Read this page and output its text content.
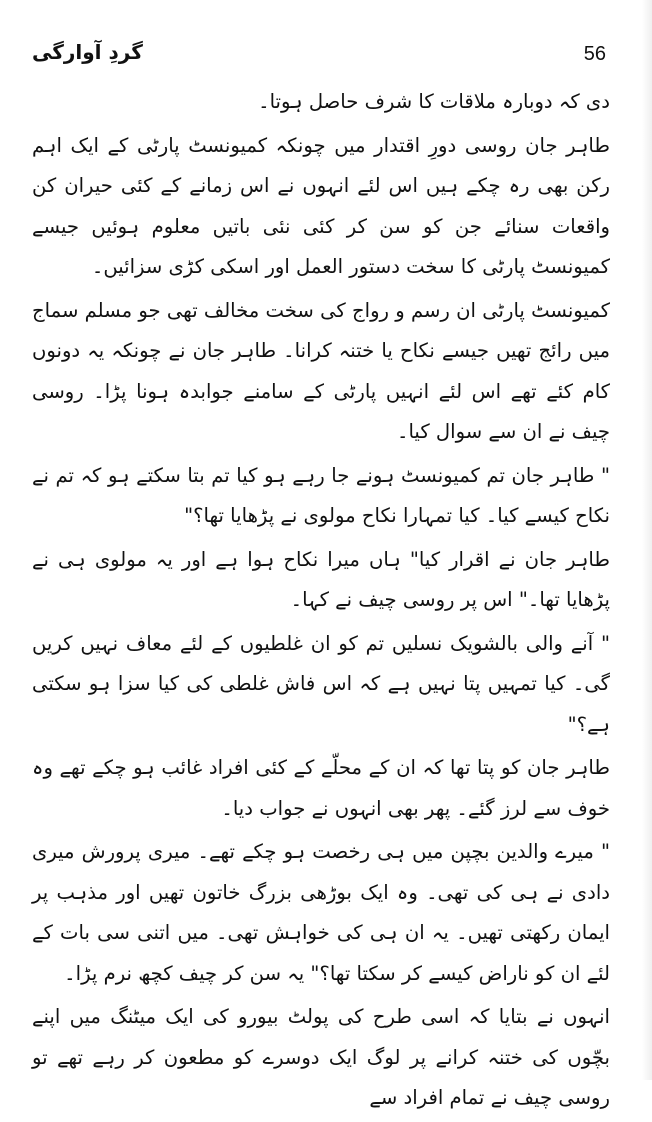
گردِ آوارگی	56

دی کہ دوبارہ ملاقات کا شرف حاصل ہوتا۔

طاہر جان روسی دورِ اقتدار میں چونکہ کمیونسٹ پارٹی کے ایک اہم رکن بھی رہ چکے ہیں اس لئے انہوں نے اس زمانے کے کئی حیران کن واقعات سنائے جن کو سن کر کئی نئی باتیں معلوم ہوئیں جیسے کمیونسٹ پارٹی کا سخت دستور العمل اور اسکی کڑی سزائیں۔

کمیونسٹ پارٹی ان رسم و رواج کی سخت مخالف تھی جو مسلم سماج میں رائج تھیں جیسے نکاح یا ختنہ کرانا۔ طاہر جان نے چونکہ یہ دونوں کام کئے تھے اس لئے انہیں پارٹی کے سامنے جوابدہ ہونا پڑا۔ روسی چیف نے ان سے سوال کیا۔

" طاہر جان تم کمیونسٹ ہونے جا رہے ہو کیا تم بتا سکتے ہو کہ تم نے نکاح کیسے کیا۔ کیا تمہارا نکاح مولوی نے پڑھایا تھا؟"

طاہر جان نے اقرار کیا" ہاں میرا نکاح ہوا ہے اور یہ مولوی ہی نے پڑھایا تھا۔" اس پر روسی چیف نے کہا۔

" آنے والی بالشویک نسلیں تم کو ان غلطیوں کے لئے معاف نہیں کریں گی۔ کیا تمہیں پتا نہیں ہے کہ اس فاش غلطی کی کیا سزا ہو سکتی ہے؟"

طاہر جان کو پتا تھا کہ ان کے محلّے کے کئی افراد غائب ہو چکے تھے وہ خوف سے لرز گئے۔ پھر بھی انہوں نے جواب دیا۔

" میرے والدین بچپن میں ہی رخصت ہو چکے تھے۔ میری پرورش میری دادی نے ہی کی تھی۔ وہ ایک بوڑھی بزرگ خاتون تھیں اور مذہب پر ایمان رکھتی تھیں۔ یہ ان ہی کی خواہش تھی۔ میں اتنی سی بات کے لئے ان کو ناراض کیسے کر سکتا تھا؟" یہ سن کر چیف کچھ نرم پڑا۔

انہوں نے بتایا کہ اسی طرح کی پولٹ بیورو کی ایک میٹنگ میں اپنے بچّوں کی ختنہ کرانے پر لوگ ایک دوسرے کو مطعون کر رہے تھے تو روسی چیف نے تمام افراد سے
